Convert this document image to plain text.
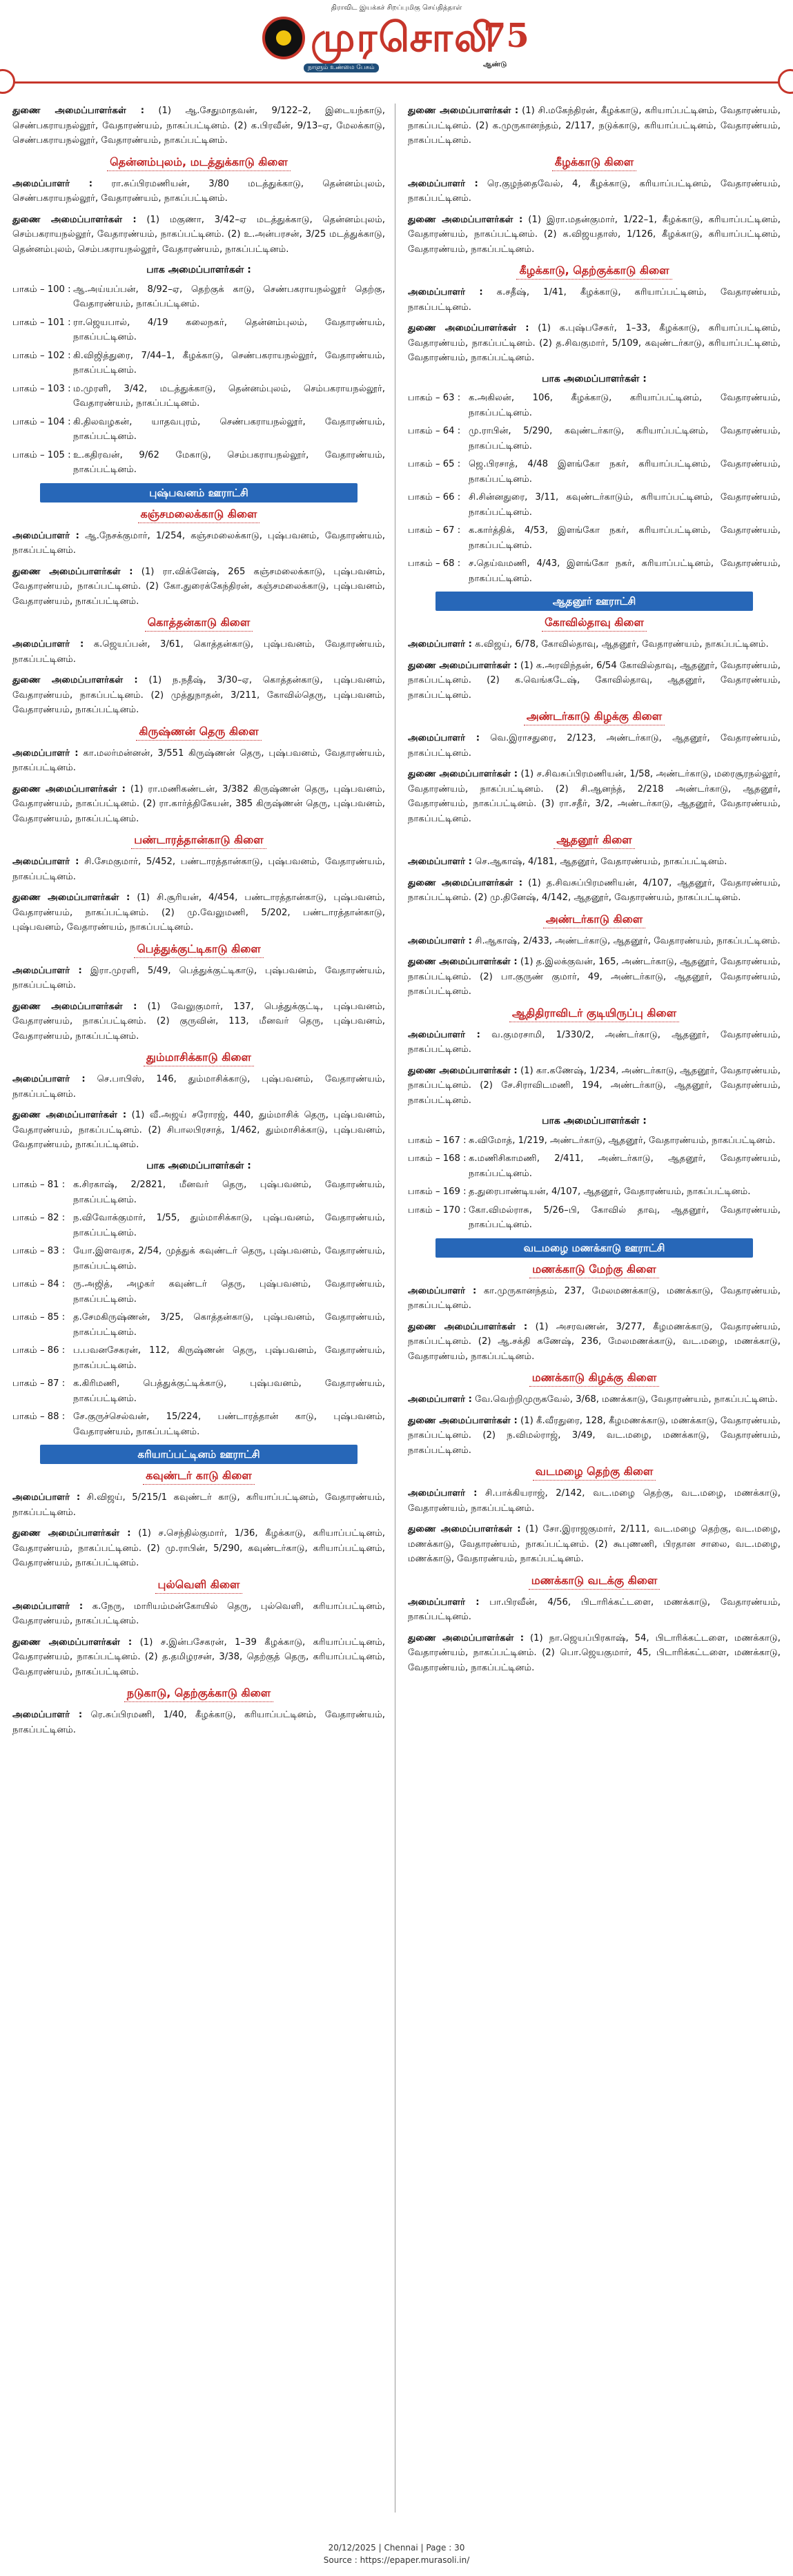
திராவிட இயக்கச் சிறப்புமிகு செய்தித்தாள்
முரசொலி
75
ஆண்டு
நாளும் உண்மை பேசும்

துணை அமைப்பாளர்கள் : (1) ஆ.சேதுமாதவன், 9/122–2, இடையந்காடு, செண்பகராயநல்லூர், வேதாரண்யம், நாகப்பட்டினம். (2) க.பிரவீன், 9/13–ஏ, மேலக்காடு, செண்பகராயநல்லூர், வேதாரண்யம், நாகப்பட்டினம்.

தென்னம்புலம், மடத்துக்காடு கிளை

அமைப்பாளர் : ரா.சுப்பிரமணியன், 3/80 மடத்துக்காடு, தென்னம்புலம், செண்பகராயநல்லூர், வேதாரண்யம், நாகப்பட்டினம்.

துணை அமைப்பாளர்கள் : (1) மகுணா, 3/42–ஏ மடத்துக்காடு, தென்னம்புலம், செம்பகராயநல்லூர், வேதாரண்யம், நாகப்பட்டினம். (2) உ.அன்பரசன், 3/25 மடத்துக்காடு, தென்னம்புலம், செம்பகராயநல்லூர், வேதாரண்யம், நாகப்பட்டினம்.

பாக அமைப்பாளர்கள் :
பாகம் – 100 : ஆ.அய்யப்பன், 8/92–ஏ, தெற்குக் காடு, செண்பகராயநல்லூர் தெற்கு, வேதாரண்யம், நாகப்பட்டினம்.
பாகம் – 101 : ரா.ஜெயபால், 4/19 கலைநகர், தென்னம்புலம், வேதாரண்யம், நாகப்பட்டினம்.
பாகம் – 102 : கி.விஜித்துரை, 7/44–1, கீழக்காடு, செண்பகராயநல்லூர், வேதாரண்யம், நாகப்பட்டினம்.
பாகம் – 103 : ம.முரளி, 3/42, மடத்துக்காடு, தென்னம்புலம், செம்பகராயநல்லூர், வேதாரண்யம், நாகப்பட்டினம்.
பாகம் – 104 : கி.திலவழகன், யாதவபுரம், செண்பகராயநல்லூர், வேதாரண்யம், நாகப்பட்டினம்.
பாகம் – 105 : உ.கதிரவன், 9/62 மேகாடு, செம்பகராயநல்லூர், வேதாரண்யம், நாகப்பட்டினம்.
புஷ்பவனம் ஊராட்சி
கஞ்சமலைக்காடு கிளை

அமைப்பாளர் : ஆ.நேசக்குமார், 1/254, கஞ்சமலைக்காடு, புஷ்பவனம், வேதாரண்யம், நாகப்பட்டினம்.

துணை அமைப்பாளர்கள் : (1) ரா.விக்னேஷ், 265 கஞ்சமலைக்காடு, புஷ்பவனம், வேதாரண்யம், நாகப்பட்டினம். (2) கோ.துரைக்கேந்திரன், கஞ்சமலைக்காடு, புஷ்பவனம், வேதாரண்யம், நாகப்பட்டினம்.

கொத்தன்காடு கிளை

அமைப்பாளர் : க.ஜெயப்பன், 3/61, கொத்தன்காடு, புஷ்பவனம், வேதாரண்யம், நாகப்பட்டினம்.

துணை அமைப்பாளர்கள் : (1) ந.நதீஷ், 3/30–ஏ, கொத்தன்காடு, புஷ்பவனம், வேதாரண்யம், நாகப்பட்டினம். (2) முத்துநாதன், 3/211, கோவில்தெரு, புஷ்பவனம், வேதாரண்யம், நாகப்பட்டினம்.

கிருஷ்ணன் தெரு கிளை

அமைப்பாளர் : கா.மலர்மன்னன், 3/551 கிருஷ்ணன் தெரு, புஷ்பவனம், வேதாரண்யம், நாகப்பட்டினம்.

துணை அமைப்பாளர்கள் : (1) ரா.மணிகண்டன், 3/382 கிருஷ்ணன் தெரு, புஷ்பவனம், வேதாரண்யம், நாகப்பட்டினம். (2) ரா.கார்த்திகேயன், 385 கிருஷ்ணன் தெரு, புஷ்பவனம், வேதாரண்யம், நாகப்பட்டினம்.

பண்டாரத்தான்காடு கிளை

அமைப்பாளர் : சி.சேமகுமார், 5/452, பண்டாரத்தான்காடு, புஷ்பவனம், வேதாரண்யம், நாகப்பட்டினம்.

துணை அமைப்பாளர்கள் : (1) சி.சூரியன், 4/454, பண்டாரத்தான்காடு, புஷ்பவனம், வேதாரண்யம், நாகப்பட்டினம். (2) மு.வேலுமணி, 5/202, பண்டாரத்தான்காடு, புஷ்பவனம், வேதாரண்யம், நாகப்பட்டினம்.

பெத்துக்குட்டிகாடு கிளை

அமைப்பாளர் : இரா.முரளி, 5/49, பெத்துக்குட்டிகாடு, புஷ்பவனம், வேதாரண்யம், நாகப்பட்டினம்.

துணை அமைப்பாளர்கள் : (1) வேலுகுமார், 137, பெத்துக்குட்டி, புஷ்பவனம், வேதாரண்யம், நாகப்பட்டினம். (2) குருவின், 113, மீனவர் தெரு, புஷ்பவனம், வேதாரண்யம், நாகப்பட்டினம்.

தும்மாசிக்காடு கிளை

அமைப்பாளர் : செ.பாபிஸ், 146, தும்மாசிக்காடு, புஷ்பவனம், வேதாரண்யம், நாகப்பட்டினம்.

துணை அமைப்பாளர்கள் : (1) வீ.அஜய் சரோரஜ், 440, தும்மாசிக் தெரு, புஷ்பவனம், வேதாரண்யம், நாகப்பட்டினம். (2) சிபாலபிரசாத், 1/462, தும்மாசிக்காடு, புஷ்பவனம், வேதாரண்யம், நாகப்பட்டினம்.

பாக அமைப்பாளர்கள் :
பாகம் – 81 : க.சிரகாஷ், 2/2821, மீனவர் தெரு, புஷ்பவனம், வேதாரண்யம், நாகப்பட்டினம்.
பாகம் – 82 : ந.விவோக்குமார், 1/55, தும்மாசிக்காடு, புஷ்பவனம், வேதாரண்யம், நாகப்பட்டினம்.
பாகம் – 83 : யோ.இளவரசு, 2/54, முத்துக் கவுண்டர் தெரு, புஷ்பவனம், வேதாரண்யம், நாகப்பட்டினம்.
பாகம் – 84 : ரு.அஜித், அழகர் கவுண்டர் தெரு, புஷ்பவனம், வேதாரண்யம், நாகப்பட்டினம்.
பாகம் – 85 : த.சேமகிருஷ்ணன், 3/25, கொத்தன்காடு, புஷ்பவனம், வேதாரண்யம், நாகப்பட்டினம்.
பாகம் – 86 : ப.பவனசேகரன், 112, கிருஷ்ணன் தெரு, புஷ்பவனம், வேதாரண்யம், நாகப்பட்டினம்.
பாகம் – 87 : க.கிரிமணி, பெத்துக்குட்டிக்காடு, புஷ்பவனம், வேதாரண்யம், நாகப்பட்டினம்.
பாகம் – 88 : சே.குருச்செல்வன், 15/224, பண்டாரத்தான் காடு, புஷ்பவனம், வேதாரண்யம், நாகப்பட்டினம்.
கரியாப்பட்டினம் ஊராட்சி
கவுண்டர் காடு கிளை

அமைப்பாளர் : சி.விஜய், 5/215/1 கவுண்டர் காடு, கரியாப்பட்டினம், வேதாரண்யம், நாகப்பட்டினம்.

துணை அமைப்பாளர்கள் : (1) ச.செந்தில்குமார், 1/36, கீழக்காடு, கரியாப்பட்டினம், வேதாரண்யம், நாகப்பட்டினம். (2) மு.ராபின், 5/290, கவுண்டர்காடு, கரியாப்பட்டினம், வேதாரண்யம், நாகப்பட்டினம்.

புல்வெளி கிளை

அமைப்பாளர் : க.நேரு, மாரியம்மன்கோயில் தெரு, புல்வெளி, கரியாப்பட்டினம், வேதாரண்யம், நாகப்பட்டினம்.

துணை அமைப்பாளர்கள் : (1) ச.இன்பசேகரன், 1–39 கீழக்காடு, கரியாப்பட்டினம், வேதாரண்யம், நாகப்பட்டினம். (2) த.தமிழரசன், 3/38, தெற்குத் தெரு, கரியாப்பட்டினம், வேதாரண்யம், நாகப்பட்டினம்.

நடுகாடு, தெற்குக்காடு கிளை

அமைப்பாளர் : ரெ.சுப்பிரமணி, 1/40, கீழக்காடு, கரியாப்பட்டினம், வேதாரண்யம், நாகப்பட்டினம்.

துணை அமைப்பாளர்கள் : (1) சி.மகேந்திரன், கீழக்காடு, கரியாப்பட்டினம், வேதாரண்யம், நாகப்பட்டினம். (2) க.முருகானந்தம், 2/117, நடுக்காடு, கரியாப்பட்டினம், வேதாரண்யம், நாகப்பட்டினம்.

கீழக்காடு கிளை

அமைப்பாளர் : ரெ.குழந்தைவேல், 4, கீழக்காடு, கரியாப்பட்டினம், வேதாரண்யம், நாகப்பட்டினம்.

துணை அமைப்பாளர்கள் : (1) இரா.மதன்குமார், 1/22–1, கீழக்காடு, கரியாப்பட்டினம், வேதாரண்யம், நாகப்பட்டினம். (2) க.விஜயதாஸ், 1/126, கீழக்காடு, கரியாப்பட்டினம், வேதாரண்யம், நாகப்பட்டினம்.

கீழக்காடு, தெற்குக்காடு கிளை

அமைப்பாளர் : க.சதீஷ், 1/41, கீழக்காடு, கரியாப்பட்டினம், வேதாரண்யம், நாகப்பட்டினம்.

துணை அமைப்பாளர்கள் : (1) க.புஷ்பசேகர், 1–33, கீழக்காடு, கரியாப்பட்டினம், வேதாரண்யம், நாகப்பட்டினம். (2) த.சிவகுமார், 5/109, கவுண்டர்காடு, கரியாப்பட்டினம், வேதாரண்யம், நாகப்பட்டினம்.

பாக அமைப்பாளர்கள் :
பாகம் – 63 : க.அகிலன், 106, கீழக்காடு, கரியாப்பட்டினம், வேதாரண்யம், நாகப்பட்டினம்.
பாகம் – 64 : மு.ராபின், 5/290, கவுண்டர்காடு, கரியாப்பட்டினம், வேதாரண்யம், நாகப்பட்டினம்.
பாகம் – 65 : ஜெ.பிரசாத், 4/48 இளங்கோ நகர், கரியாப்பட்டினம், வேதாரண்யம், நாகப்பட்டினம்.
பாகம் – 66 : சி.சின்னதுரை, 3/11, கவுண்டர்காடும், கரியாப்பட்டினம், வேதாரண்யம், நாகப்பட்டினம்.
பாகம் – 67 : க.கார்த்திக், 4/53, இளங்கோ நகர், கரியாப்பட்டினம், வேதாரண்யம், நாகப்பட்டினம்.
பாகம் – 68 : ச.தெய்வமணி, 4/43, இளங்கோ நகர், கரியாப்பட்டினம், வேதாரண்யம், நாகப்பட்டினம்.
ஆதனூர் ஊராட்சி
கோவில்தாவு கிளை

அமைப்பாளர் : க.விஜய், 6/78, கோவில்தாவு, ஆதனூர், வேதாரண்யம், நாகப்பட்டினம்.

துணை அமைப்பாளர்கள் : (1) க.அரவிந்தன், 6/54 கோவில்தாவு, ஆதனூர், வேதாரண்யம், நாகப்பட்டினம். (2) க.வெங்கடேஷ், கோவில்தாவு, ஆதனூர், வேதாரண்யம், நாகப்பட்டினம்.

அண்டர்காடு கிழக்கு கிளை

அமைப்பாளர் : வெ.இராசதுரை, 2/123, அண்டர்காடு, ஆதனூர், வேதாரண்யம், நாகப்பட்டினம்.

துணை அமைப்பாளர்கள் : (1) ச.சிவசுப்பிரமணியன், 1/58, அண்டர்காடு, மரைசூரநல்லூர், வேதாரண்யம், நாகப்பட்டினம். (2) சி.ஆனந்த், 2/218 அண்டர்காடு, ஆதனூர், வேதாரண்யம், நாகப்பட்டினம். (3) ரா.சதீர், 3/2, அண்டர்காடு, ஆதனூர், வேதாரண்யம், நாகப்பட்டினம்.

ஆதனூர் கிளை

அமைப்பாளர் : செ.ஆகாஷ், 4/181, ஆதனூர், வேதாரண்யம், நாகப்பட்டினம்.

துணை அமைப்பாளர்கள் : (1) த.சிவசுப்பிரமணியன், 4/107, ஆதனூர், வேதாரண்யம், நாகப்பட்டினம். (2) மு.தினேஷ், 4/142, ஆதனூர், வேதாரண்யம், நாகப்பட்டினம்.

அண்டர்காடு கிளை

அமைப்பாளர் : சி.ஆகாஷ், 2/433, அண்டர்காடு, ஆதனூர், வேதாரண்யம், நாகப்பட்டினம்.

துணை அமைப்பாளர்கள் : (1) த.இலக்குவன், 165, அண்டர்காடு, ஆதனூர், வேதாரண்யம், நாகப்பட்டினம். (2) பா.குருண் குமார், 49, அண்டர்காடு, ஆதனூர், வேதாரண்யம், நாகப்பட்டினம்.

ஆதிதிராவிடர் குடியிருப்பு கிளை

அமைப்பாளர் : வ.குமரசாமி, 1/330/2, அண்டர்காடு, ஆதனூர், வேதாரண்யம், நாகப்பட்டினம்.

துணை அமைப்பாளர்கள் : (1) கா.கணேஷ், 1/234, அண்டர்காடு, ஆதனூர், வேதாரண்யம், நாகப்பட்டினம். (2) சே.சிராவிடமணி, 194, அண்டர்காடு, ஆதனூர், வேதாரண்யம், நாகப்பட்டினம்.

பாக அமைப்பாளர்கள் :
பாகம் – 167 : சு.விமோத், 1/219, அண்டர்காடு, ஆதனூர், வேதாரண்யம், நாகப்பட்டினம்.
பாகம் – 168 : க.மணிசிகாமணி, 2/411, அண்டர்காடு, ஆதனூர், வேதாரண்யம், நாகப்பட்டினம்.
பாகம் – 169 : த.துரைபாண்டியன், 4/107, ஆதனூர், வேதாரண்யம், நாகப்பட்டினம்.
பாகம் – 170 : கோ.விமல்ராசு, 5/26–பி, கோவில் தாவு, ஆதனூர், வேதாரண்யம், நாகப்பட்டினம்.
வடமழை மணக்காடு ஊராட்சி
மணக்காடு மேற்கு கிளை

அமைப்பாளர் : கா.முருகானந்தம், 237, மேலமணக்காடு, மணக்காடு, வேதாரண்யம், நாகப்பட்டினம்.

துணை அமைப்பாளர்கள் : (1) அசரவணன், 3/277, கீழமணக்காடு, வேதாரண்யம், நாகப்பட்டினம். (2) ஆ.சக்தி கணேஷ், 236, மேலமணக்காடு, வட.மழை, மணக்காடு, வேதாரண்யம், நாகப்பட்டினம்.

மணக்காடு கிழக்கு கிளை

அமைப்பாளர் : வே.வெற்றிமுருகவேல், 3/68, மணக்காடு, வேதாரண்யம், நாகப்பட்டினம்.

துணை அமைப்பாளர்கள் : (1) கீ.வீரதுரை, 128, கீழமணக்காடு, மணக்காடு, வேதாரண்யம், நாகப்பட்டினம். (2) ந.விமல்ராஜ், 3/49, வட.மழை, மணக்காடு, வேதாரண்யம், நாகப்பட்டினம்.

வடமழை தெற்கு கிளை

அமைப்பாளர் : சி.பாக்கியராஜ், 2/142, வட.மழை தெற்கு, வட.மழை, மணக்காடு, வேதாரண்யம், நாகப்பட்டினம்.

துணை அமைப்பாளர்கள் : (1) சோ.இராஜகுமார், 2/111, வட.மழை தெற்கு, வட.மழை, மணக்காடு, வேதாரண்யம், நாகப்பட்டினம். (2) கூபுணணி, பிரதான சாலை, வட.மழை, மணக்காடு, வேதாரண்யம், நாகப்பட்டினம்.

மணக்காடு வடக்கு கிளை

அமைப்பாளர் : பா.பிரவீன், 4/56, பிடாரிக்கட்டளை, மணக்காடு, வேதாரண்யம், நாகப்பட்டினம்.

துணை அமைப்பாளர்கள் : (1) நா.ஜெயப்பிரகாஷ், 54, பிடாரிக்கட்டளை, மணக்காடு, வேதாரண்யம், நாகப்பட்டினம். (2) பொ.ஜெயகுமார், 45, பிடாரிக்கட்டளை, மணக்காடு, வேதாரண்யம், நாகப்பட்டினம்.

20/12/2025 | Chennai | Page : 30
Source : https://epaper.murasoli.in/
